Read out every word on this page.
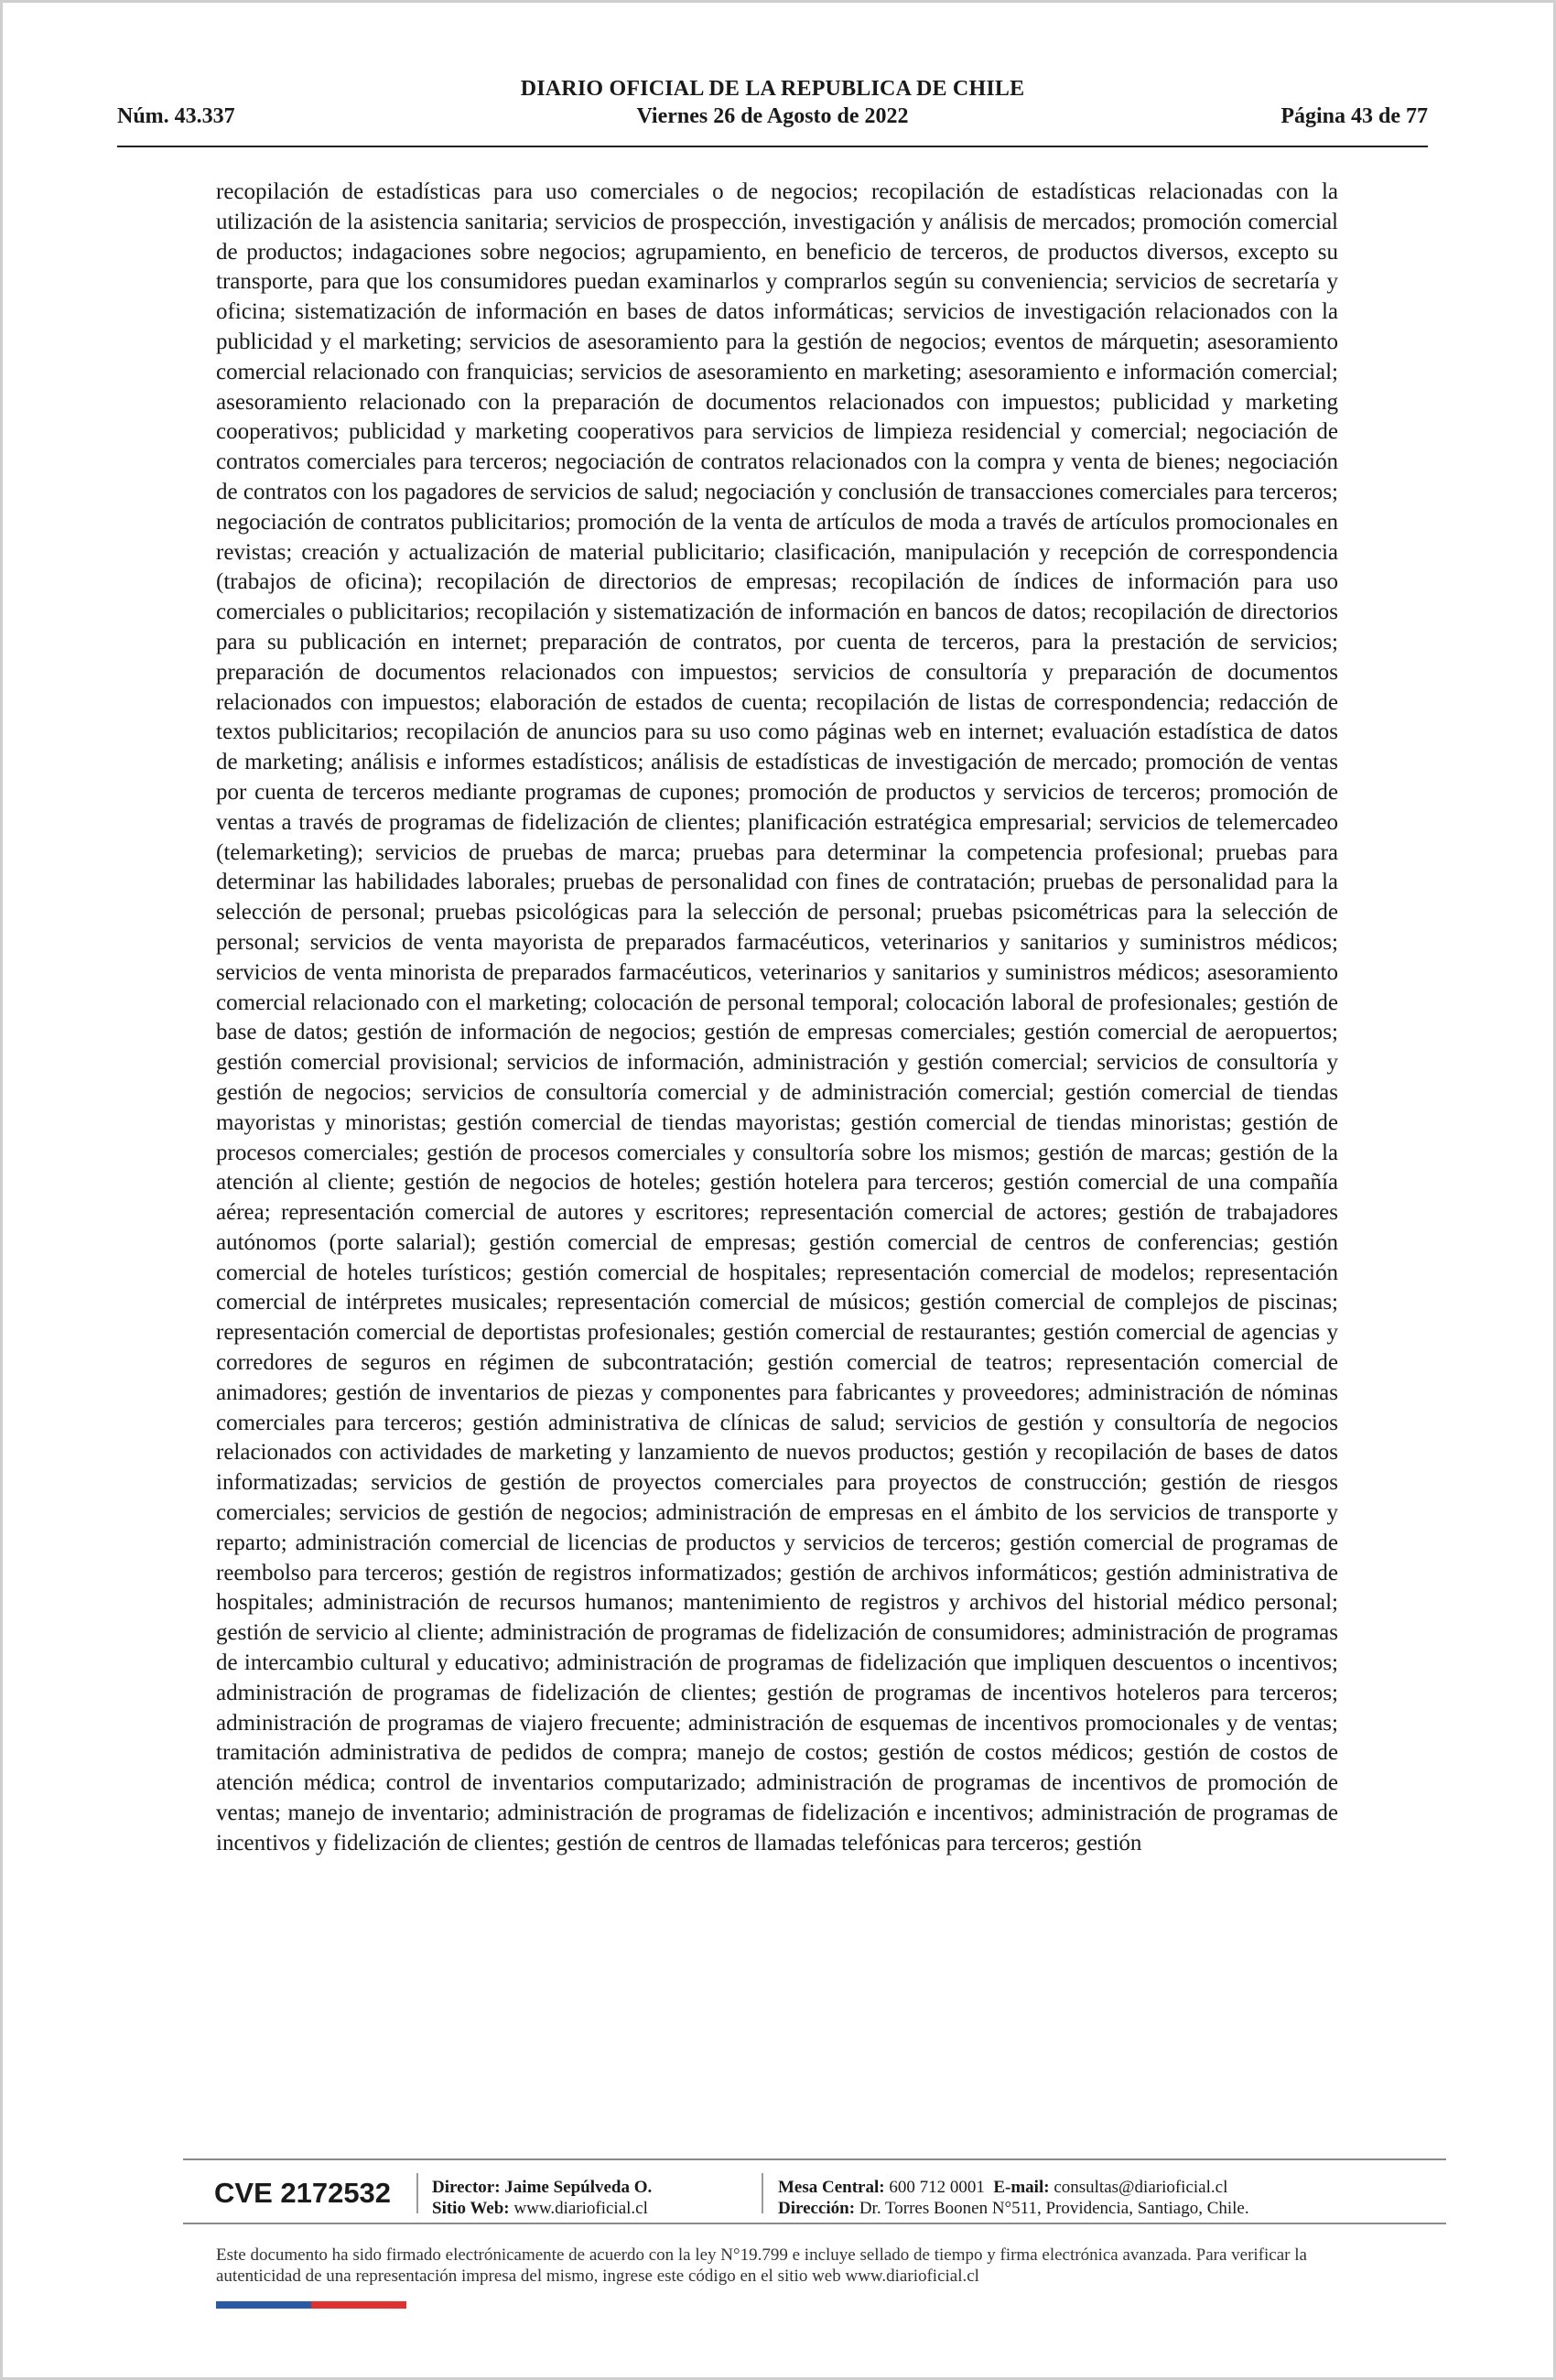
DIARIO OFICIAL DE LA REPUBLICA DE CHILE
Núm. 43.337	Viernes 26 de Agosto de 2022	Página 43 de 77
recopilación de estadísticas para uso comerciales o de negocios; recopilación de estadísticas relacionadas con la utilización de la asistencia sanitaria; servicios de prospección, investigación y análisis de mercados; promoción comercial de productos; indagaciones sobre negocios; agrupamiento, en beneficio de terceros, de productos diversos, excepto su transporte, para que los consumidores puedan examinarlos y comprarlos según su conveniencia; servicios de secretaría y oficina; sistematización de información en bases de datos informáticas; servicios de investigación relacionados con la publicidad y el marketing; servicios de asesoramiento para la gestión de negocios; eventos de márquetin; asesoramiento comercial relacionado con franquicias; servicios de asesoramiento en marketing; asesoramiento e información comercial; asesoramiento relacionado con la preparación de documentos relacionados con impuestos; publicidad y marketing cooperativos; publicidad y marketing cooperativos para servicios de limpieza residencial y comercial; negociación de contratos comerciales para terceros; negociación de contratos relacionados con la compra y venta de bienes; negociación de contratos con los pagadores de servicios de salud; negociación y conclusión de transacciones comerciales para terceros; negociación de contratos publicitarios; promoción de la venta de artículos de moda a través de artículos promocionales en revistas; creación y actualización de material publicitario; clasificación, manipulación y recepción de correspondencia (trabajos de oficina); recopilación de directorios de empresas; recopilación de índices de información para uso comerciales o publicitarios; recopilación y sistematización de información en bancos de datos; recopilación de directorios para su publicación en internet; preparación de contratos, por cuenta de terceros, para la prestación de servicios; preparación de documentos relacionados con impuestos; servicios de consultoría y preparación de documentos relacionados con impuestos; elaboración de estados de cuenta; recopilación de listas de correspondencia; redacción de textos publicitarios; recopilación de anuncios para su uso como páginas web en internet; evaluación estadística de datos de marketing; análisis e informes estadísticos; análisis de estadísticas de investigación de mercado; promoción de ventas por cuenta de terceros mediante programas de cupones; promoción de productos y servicios de terceros; promoción de ventas a través de programas de fidelización de clientes; planificación estratégica empresarial; servicios de telemercadeo (telemarketing); servicios de pruebas de marca; pruebas para determinar la competencia profesional; pruebas para determinar las habilidades laborales; pruebas de personalidad con fines de contratación; pruebas de personalidad para la selección de personal; pruebas psicológicas para la selección de personal; pruebas psicométricas para la selección de personal; servicios de venta mayorista de preparados farmacéuticos, veterinarios y sanitarios y suministros médicos; servicios de venta minorista de preparados farmacéuticos, veterinarios y sanitarios y suministros médicos; asesoramiento comercial relacionado con el marketing; colocación de personal temporal; colocación laboral de profesionales; gestión de base de datos; gestión de información de negocios; gestión de empresas comerciales; gestión comercial de aeropuertos; gestión comercial provisional; servicios de información, administración y gestión comercial; servicios de consultoría y gestión de negocios; servicios de consultoría comercial y de administración comercial; gestión comercial de tiendas mayoristas y minoristas; gestión comercial de tiendas mayoristas; gestión comercial de tiendas minoristas; gestión de procesos comerciales; gestión de procesos comerciales y consultoría sobre los mismos; gestión de marcas; gestión de la atención al cliente; gestión de negocios de hoteles; gestión hotelera para terceros; gestión comercial de una compañía aérea; representación comercial de autores y escritores; representación comercial de actores; gestión de trabajadores autónomos (porte salarial); gestión comercial de empresas; gestión comercial de centros de conferencias; gestión comercial de hoteles turísticos; gestión comercial de hospitales; representación comercial de modelos; representación comercial de intérpretes musicales; representación comercial de músicos; gestión comercial de complejos de piscinas; representación comercial de deportistas profesionales; gestión comercial de restaurantes; gestión comercial de agencias y corredores de seguros en régimen de subcontratación; gestión comercial de teatros; representación comercial de animadores; gestión de inventarios de piezas y componentes para fabricantes y proveedores; administración de nóminas comerciales para terceros; gestión administrativa de clínicas de salud; servicios de gestión y consultoría de negocios relacionados con actividades de marketing y lanzamiento de nuevos productos; gestión y recopilación de bases de datos informatizadas; servicios de gestión de proyectos comerciales para proyectos de construcción; gestión de riesgos comerciales; servicios de gestión de negocios; administración de empresas en el ámbito de los servicios de transporte y reparto; administración comercial de licencias de productos y servicios de terceros; gestión comercial de programas de reembolso para terceros; gestión de registros informatizados; gestión de archivos informáticos; gestión administrativa de hospitales; administración de recursos humanos; mantenimiento de registros y archivos del historial médico personal; gestión de servicio al cliente; administración de programas de fidelización de consumidores; administración de programas de intercambio cultural y educativo; administración de programas de fidelización que impliquen descuentos o incentivos; administración de programas de fidelización de clientes; gestión de programas de incentivos hoteleros para terceros; administración de programas de viajero frecuente; administración de esquemas de incentivos promocionales y de ventas; tramitación administrativa de pedidos de compra; manejo de costos; gestión de costos médicos; gestión de costos de atención médica; control de inventarios computarizado; administración de programas de incentivos de promoción de ventas; manejo de inventario; administración de programas de fidelización e incentivos; administración de programas de incentivos y fidelización de clientes; gestión de centros de llamadas telefónicas para terceros; gestión
CVE 2172532 Director: Jaime Sepúlveda O.
Sitio Web: www.diarioficial.cl
Mesa Central: 600 712 0001 E-mail: consultas@diarioficial.cl
Dirección: Dr. Torres Boonen N°511, Providencia, Santiago, Chile.
Este documento ha sido firmado electrónicamente de acuerdo con la ley N°19.799 e incluye sellado de tiempo y firma electrónica avanzada. Para verificar la autenticidad de una representación impresa del mismo, ingrese este código en el sitio web www.diarioficial.cl
